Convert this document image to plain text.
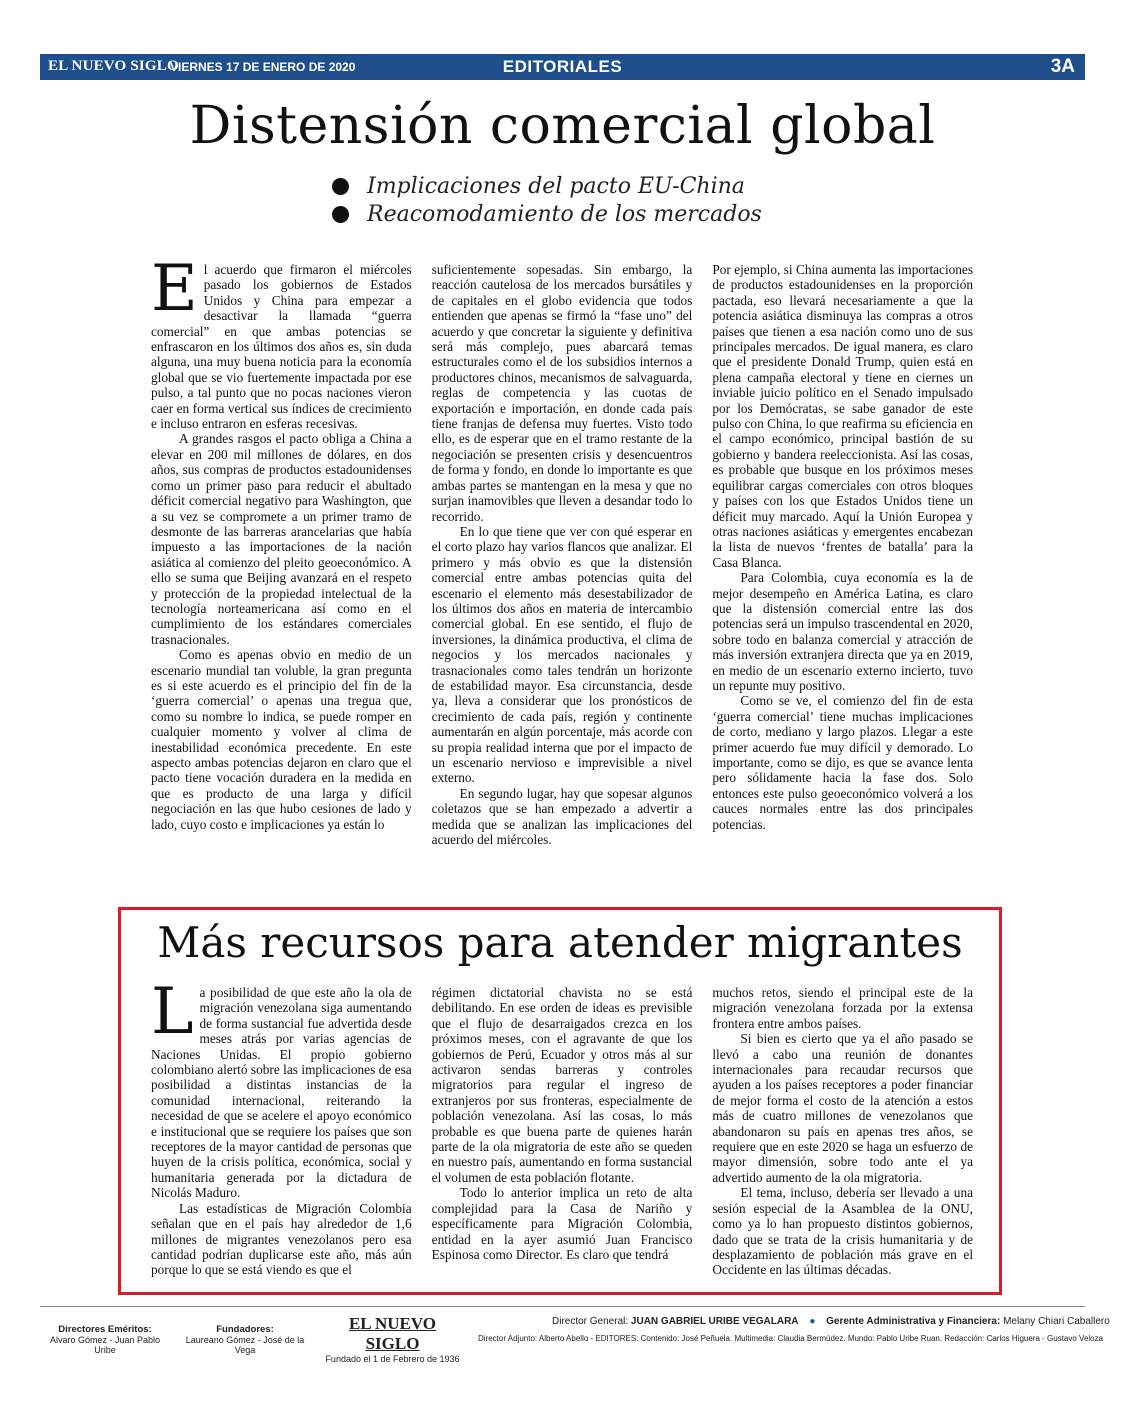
EL NUEVO SIGLO
VIERNES 17 DE ENERO DE 2020	EDITORIALES	3A
Distensión comercial global
Implicaciones del pacto EU-China
Reacomodamiento de los mercados

El acuerdo que firmaron el miércoles pasado los gobiernos de Estados Unidos y China para empezar a desactivar la llamada “guerra comercial” en que ambas potencias se enfrascaron en los últimos dos años es, sin duda alguna, una muy buena noticia para la economía global que se vio fuertemente impactada por ese pulso, a tal punto que no pocas naciones vieron caer en forma vertical sus índices de crecimiento e incluso entraron en esferas recesivas.

A grandes rasgos el pacto obliga a China a elevar en 200 mil millones de dólares, en dos años, sus compras de productos estadounidenses como un primer paso para reducir el abultado déficit comercial negativo para Washington, que a su vez se compromete a un primer tramo de desmonte de las barreras arancelarias que había impuesto a las importaciones de la nación asiática al comienzo del pleito geoeconómico. A ello se suma que Beijing avanzará en el respeto y protección de la propiedad intelectual de la tecnología norteamericana así como en el cumplimiento de los estándares comerciales trasnacionales.

Como es apenas obvio en medio de un escenario mundial tan voluble, la gran pregunta es si este acuerdo es el principio del fin de la ‘guerra comercial’ o apenas una tregua que, como su nombre lo indica, se puede romper en cualquier momento y volver al clima de inestabilidad económica precedente. En este aspecto ambas potencias dejaron en claro que el pacto tiene vocación duradera en la medida en que es producto de una larga y difícil negociación en las que hubo cesiones de lado y lado, cuyo costo e implicaciones ya están lo

suficientemente sopesadas. Sin embargo, la reacción cautelosa de los mercados bursátiles y de capitales en el globo evidencia que todos entienden que apenas se firmó la “fase uno” del acuerdo y que concretar la siguiente y definitiva será más complejo, pues abarcará temas estructurales como el de los subsidios internos a productores chinos, mecanismos de salvaguarda, reglas de competencia y las cuotas de exportación e importación, en donde cada país tiene franjas de defensa muy fuertes. Visto todo ello, es de esperar que en el tramo restante de la negociación se presenten crisis y desencuentros de forma y fondo, en donde lo importante es que ambas partes se mantengan en la mesa y que no surjan inamovibles que lleven a desandar todo lo recorrido.

En lo que tiene que ver con qué esperar en el corto plazo hay varios flancos que analizar. El primero y más obvio es que la distensión comercial entre ambas potencias quita del escenario el elemento más desestabilizador de los últimos dos años en materia de intercambio comercial global. En ese sentido, el flujo de inversiones, la dinámica productiva, el clima de negocios y los mercados nacionales y trasnacionales como tales tendrán un horizonte de estabilidad mayor. Esa circunstancia, desde ya, lleva a considerar que los pronósticos de crecimiento de cada país, región y continente aumentarán en algún porcentaje, más acorde con su propia realidad interna que por el impacto de un escenario nervioso e imprevisible a nivel externo.

En segundo lugar, hay que sopesar algunos coletazos que se han empezado a advertir a medida que se analizan las implicaciones del acuerdo del miércoles.

Por ejemplo, si China aumenta las importaciones de productos estadounidenses en la proporción pactada, eso llevará necesariamente a que la potencia asiática disminuya las compras a otros países que tienen a esa nación como uno de sus principales mercados. De igual manera, es claro que el presidente Donald Trump, quien está en plena campaña electoral y tiene en ciernes un inviable juicio político en el Senado impulsado por los Demócratas, se sabe ganador de este pulso con China, lo que reafirma su eficiencia en el campo económico, principal bastión de su gobierno y bandera reeleccionista. Así las cosas, es probable que busque en los próximos meses equilibrar cargas comerciales con otros bloques y países con los que Estados Unidos tiene un déficit muy marcado. Aquí la Unión Europea y otras naciones asiáticas y emergentes encabezan la lista de nuevos ‘frentes de batalla’ para la Casa Blanca.

Para Colombia, cuya economía es la de mejor desempeño en América Latina, es claro que la distensión comercial entre las dos potencias será un impulso trascendental en 2020, sobre todo en balanza comercial y atracción de más inversión extranjera directa que ya en 2019, en medio de un escenario externo incierto, tuvo un repunte muy positivo.

Como se ve, el comienzo del fin de esta ‘guerra comercial’ tiene muchas implicaciones de corto, mediano y largo plazos. Llegar a este primer acuerdo fue muy difícil y demorado. Lo importante, como se dijo, es que se avance lenta pero sólidamente hacia la fase dos. Solo entonces este pulso geoeconómico volverá a los cauces normales entre las dos principales potencias.

Más recursos para atender migrantes

La posibilidad de que este año la ola de migración venezolana siga aumentando de forma sustancial fue advertida desde meses atrás por varias agencias de Naciones Unidas. El propio gobierno colombiano alertó sobre las implicaciones de esa posibilidad a distintas instancias de la comunidad internacional, reiterando la necesidad de que se acelere el apoyo económico e institucional que se requiere los países que son receptores de la mayor cantidad de personas que huyen de la crisis política, económica, social y humanitaria generada por la dictadura de Nicolás Maduro.

Las estadísticas de Migración Colombia señalan que en el país hay alrededor de 1,6 millones de migrantes venezolanos pero esa cantidad podrían duplicarse este año, más aún porque lo que se está viendo es que el

régimen dictatorial chavista no se está debilitando. En ese orden de ideas es previsible que el flujo de desarraigados crezca en los próximos meses, con el agravante de que los gobiernos de Perú, Ecuador y otros más al sur activaron sendas barreras y controles migratorios para regular el ingreso de extranjeros por sus fronteras, especialmente de población venezolana. Así las cosas, lo más probable es que buena parte de quienes harán parte de la ola migratoria de este año se queden en nuestro país, aumentando en forma sustancial el volumen de esta población flotante.

Todo lo anterior implica un reto de alta complejidad para la Casa de Nariño y específicamente para Migración Colombia, entidad en la ayer asumió Juan Francisco Espinosa como Director. Es claro que tendrá

muchos retos, siendo el principal este de la migración venezolana forzada por la extensa frontera entre ambos países.

Si bien es cierto que ya el año pasado se llevó a cabo una reunión de donantes internacionales para recaudar recursos que ayuden a los países receptores a poder financiar de mejor forma el costo de la atención a estos más de cuatro millones de venezolanos que abandonaron su país en apenas tres años, se requiere que en este 2020 se haga un esfuerzo de mayor dimensión, sobre todo ante el ya advertido aumento de la ola migratoria.

El tema, incluso, debería ser llevado a una sesión especial de la Asamblea de la ONU, como ya lo han propuesto distintos gobiernos, dado que se trata de la crisis humanitaria y de desplazamiento de población más grave en el Occidente en las últimas décadas.

Directores Eméritos:
Alvaro Gómez - Juan Pablo Uribe
Fundadores:
Laureano Gómez - José de la Vega
EL NUEVO SIGLO
Fundado el 1 de Febrero de 1936
Director General: JUAN GABRIEL URIBE VEGALARA ● Gerente Administrativa y Financiera: Melany Chiari Caballero
Director Adjunto: Alberto Abello - EDITORES: Contenido: José Peñuela. Multimedia: Claudia Bermúdez. Mundo: Pablo Uribe Ruan. Redacción: Carlos Higuera - Gustavo Veloza
